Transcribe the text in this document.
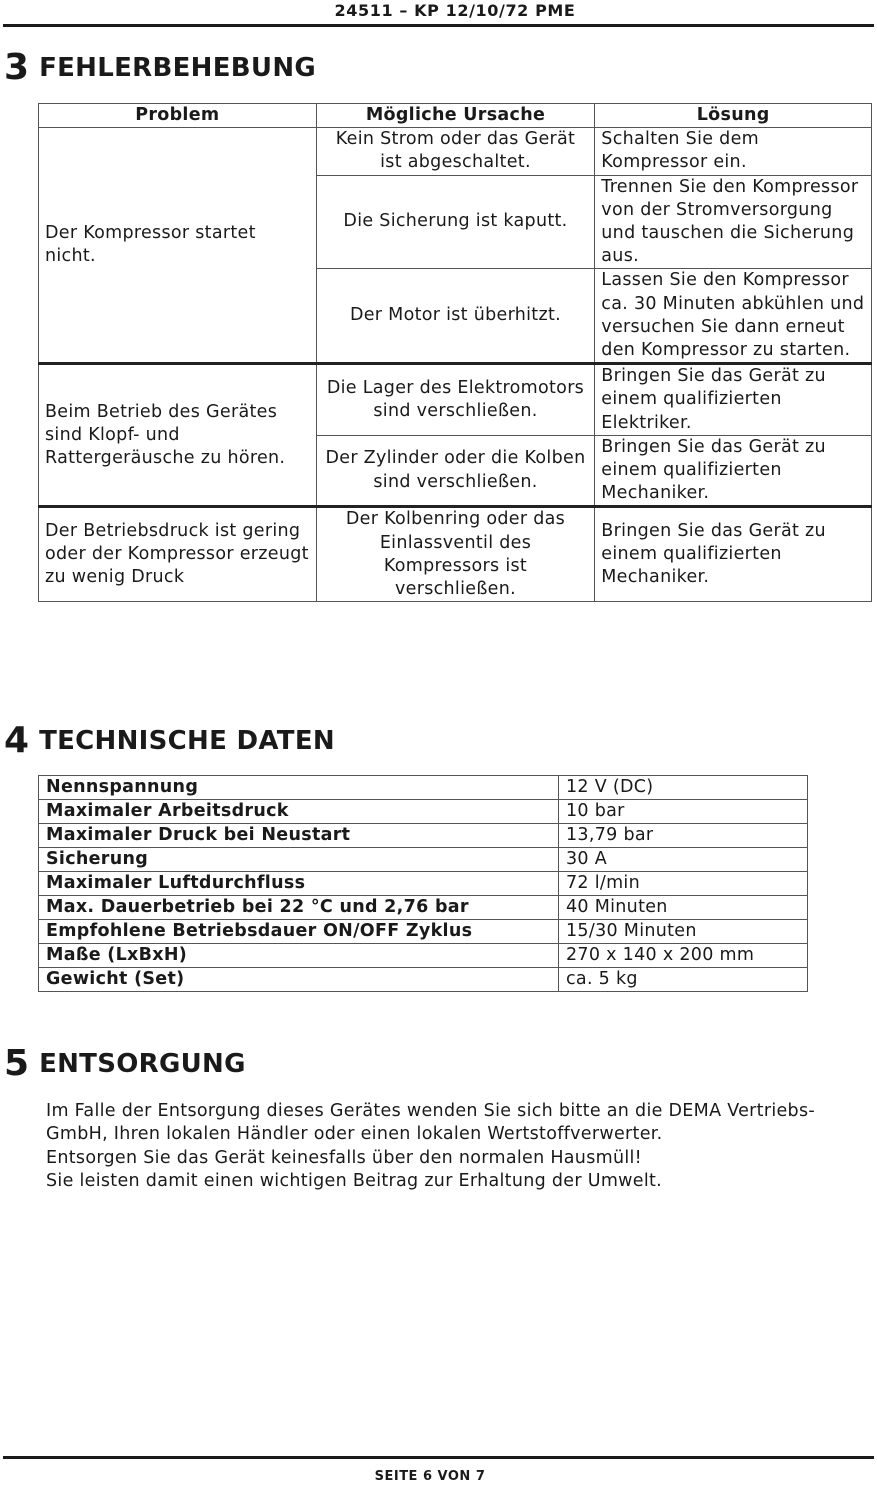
24511 – KP 12/10/72 PME
3 FEHLERBEHEBUNG
Problem	Mögliche Ursache	Lösung
Der Kompressor startet nicht.	Kein Strom oder das Gerät ist abgeschaltet.	Schalten Sie dem Kompressor ein.
	Die Sicherung ist kaputt.	Trennen Sie den Kompressor von der Stromversorgung und tauschen die Sicherung aus.
	Der Motor ist überhitzt.	Lassen Sie den Kompressor ca. 30 Minuten abkühlen und versuchen Sie dann erneut den Kompressor zu starten.
Beim Betrieb des Gerätes sind Klopf- und Rattergeräusche zu hören.	Die Lager des Elektromotors sind verschließen.	Bringen Sie das Gerät zu einem qualifizierten Elektriker.
	Der Zylinder oder die Kolben sind verschließen.	Bringen Sie das Gerät zu einem qualifizierten Mechaniker.
Der Betriebsdruck ist gering oder der Kompressor erzeugt zu wenig Druck	Der Kolbenring oder das Einlassventil des Kompressors ist verschließen.	Bringen Sie das Gerät zu einem qualifizierten Mechaniker.
4 TECHNISCHE DATEN
Nennspannung	12 V (DC)
Maximaler Arbeitsdruck	10 bar
Maximaler Druck bei Neustart	13,79 bar
Sicherung	30 A
Maximaler Luftdurchfluss	72 l/min
Max. Dauerbetrieb bei 22 °C und 2,76 bar	40 Minuten
Empfohlene Betriebsdauer ON/OFF Zyklus	15/30 Minuten
Maße (LxBxH)	270 x 140 x 200 mm
Gewicht (Set)	ca. 5 kg
5 ENTSORGUNG

Im Falle der Entsorgung dieses Gerätes wenden Sie sich bitte an die DEMA Vertriebs-GmbH, Ihren lokalen Händler oder einen lokalen Wertstoffverwerter.

Entsorgen Sie das Gerät keinesfalls über den normalen Hausmüll!

Sie leisten damit einen wichtigen Beitrag zur Erhaltung der Umwelt.

SEITE 6 VON 7
